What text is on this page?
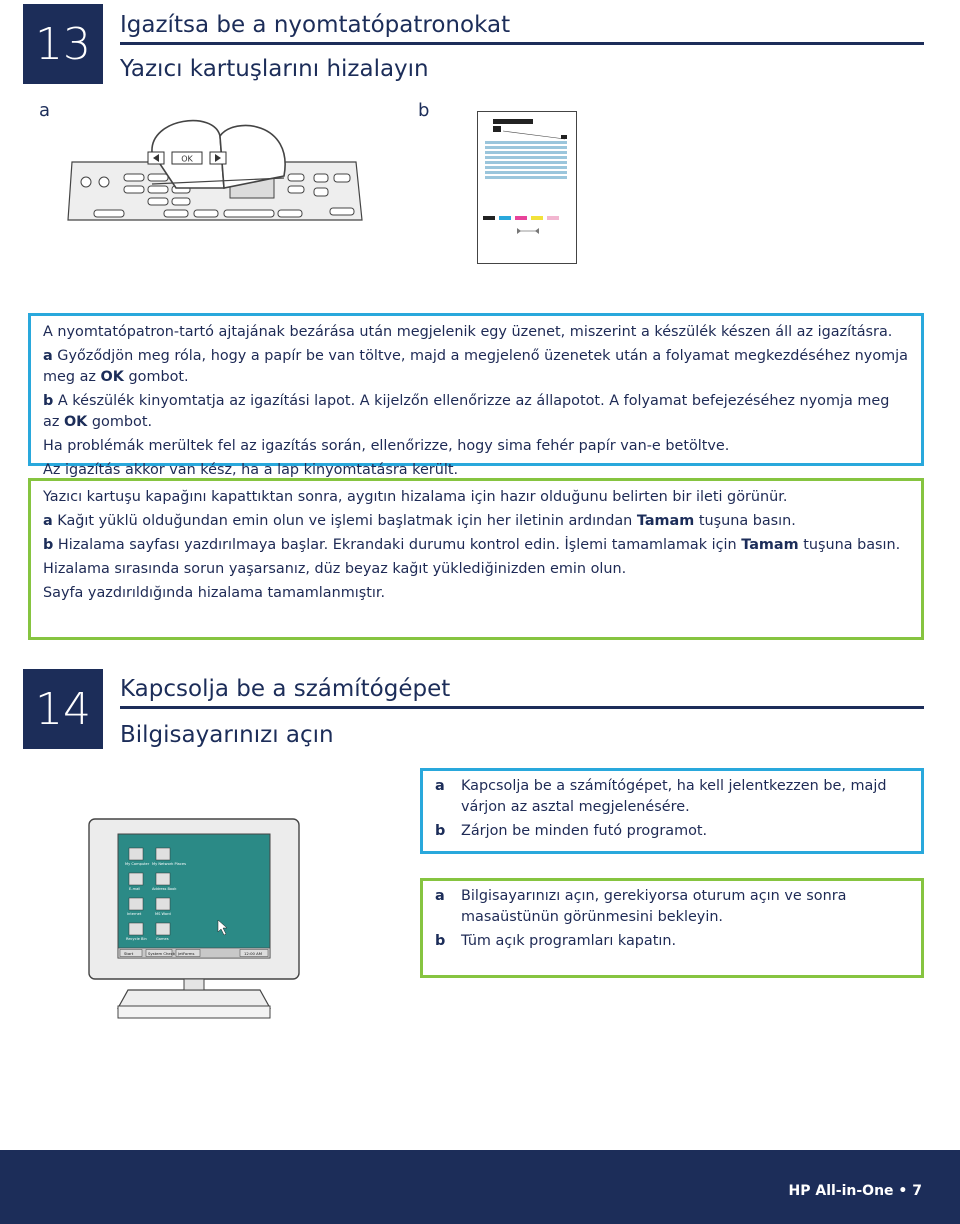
13	Igazítsa be a nyomtatópatronokat
Yazıcı kartuşlarını hizalayın
a	b
OK

A nyomtatópatron-tartó ajtajának bezárása után megjelenik egy üzenet, miszerint a készülék készen áll az igazításra.

a Győződjön meg róla, hogy a papír be van töltve, majd a megjelenő üzenetek után a folyamat megkezdéséhez nyomja meg az OK gombot.

b A készülék kinyomtatja az igazítási lapot. A kijelzőn ellenőrizze az állapotot. A folyamat befejezéséhez nyomja meg az OK gombot.

Ha problémák merültek fel az igazítás során, ellenőrizze, hogy sima fehér papír van-e betöltve.

Az igazítás akkor van kész, ha a lap kinyomtatásra került.

Yazıcı kartuşu kapağını kapattıktan sonra, aygıtın hizalama için hazır olduğunu belirten bir ileti görünür.

a Kağıt yüklü olduğundan emin olun ve işlemi başlatmak için her iletinin ardından Tamam tuşuna basın.

b Hizalama sayfası yazdırılmaya başlar. Ekrandaki durumu kontrol edin. İşlemi tamamlamak için Tamam tuşuna basın.

Hizalama sırasında sorun yaşarsanız, düz beyaz kağıt yüklediğinizden emin olun.

Sayfa yazdırıldığında hizalama tamamlanmıştır.

14	Kapcsolja be a számítógépet
Bilgisayarınızı açın
My Computer My Network Places
E-mail	Address Book
Internet	MS Word
Recycle Bin	Games
Start	System Check JetForms	12:00 AM

a Kapcsolja be a számítógépet, ha kell jelentkezzen be, majd várjon az asztal megjelenésére.

b Zárjon be minden futó programot.

a Bilgisayarınızı açın, gerekiyorsa oturum açın ve sonra masaüstünün görünmesini bekleyin.

b Tüm açık programları kapatın.

HP All-in-One • 7
